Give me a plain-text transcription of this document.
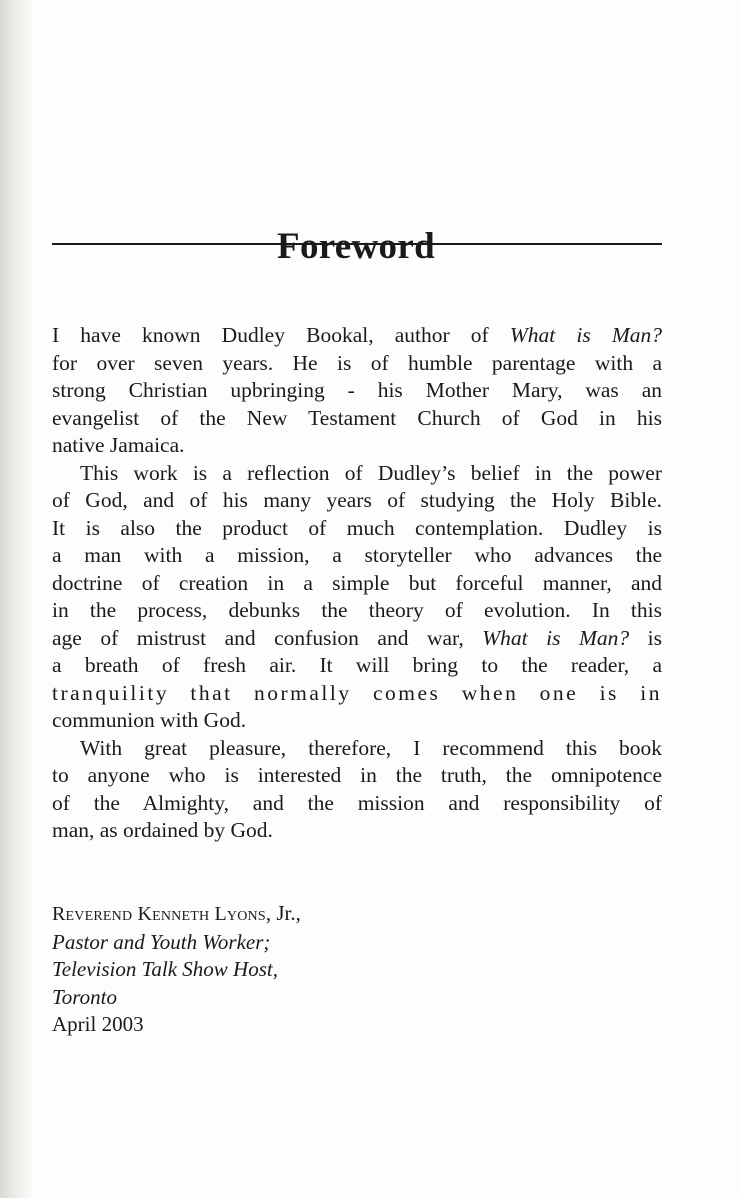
Foreword
I have known Dudley Bookal, author of What is Man?
for over seven years. He is of humble parentage with a
strong Christian upbringing - his Mother Mary, was an
evangelist of the New Testament Church of God in his
native Jamaica.
This work is a reflection of Dudley’s belief in the power
of God, and of his many years of studying the Holy Bible.
It is also the product of much contemplation. Dudley is
a man with a mission, a storyteller who advances the
doctrine of creation in a simple but forceful manner, and
in the process, debunks the theory of evolution. In this
age of mistrust and confusion and war, What is Man? is
a breath of fresh air. It will bring to the reader, a
tranquility that normally comes when one is in
communion with God.
With great pleasure, therefore, I recommend this book
to anyone who is interested in the truth, the omnipotence
of the Almighty, and the mission and responsibility of
man, as ordained by God.
Reverend Kenneth Lyons, Jr.,
Pastor and Youth Worker;
Television Talk Show Host,
Toronto
April 2003
